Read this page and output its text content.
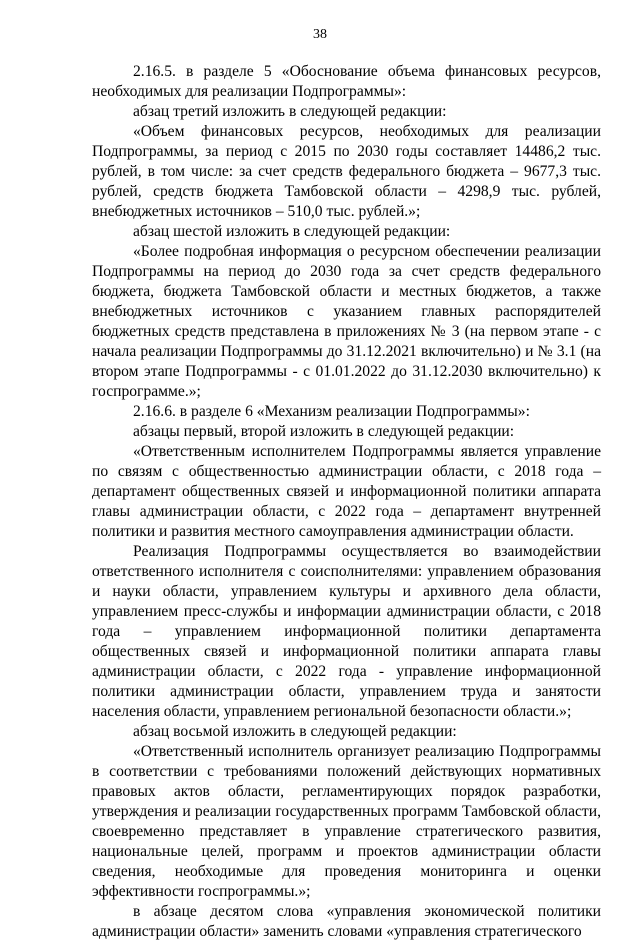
38

2.16.5. в разделе 5 «Обоснование объема финансовых ресурсов, необходимых для реализации Подпрограммы»:

абзац третий изложить в следующей редакции:

«Объем финансовых ресурсов, необходимых для реализации Подпрограммы, за период с 2015 по 2030 годы составляет 14486,2 тыс. рублей, в том числе: за счет средств федерального бюджета – 9677,3 тыс. рублей, средств бюджета Тамбовской области – 4298,9 тыс. рублей, внебюджетных источников – 510,0 тыс. рублей.»;

абзац шестой изложить в следующей редакции:

«Более подробная информация о ресурсном обеспечении реализации Подпрограммы на период до 2030 года за счет средств федерального бюджета, бюджета Тамбовской области и местных бюджетов, а также внебюджетных источников с указанием главных распорядителей бюджетных средств представлена в приложениях № 3 (на первом этапе - с начала реализации Подпрограммы до 31.12.2021 включительно) и № 3.1 (на втором этапе Подпрограммы - с 01.01.2022 до 31.12.2030 включительно) к госпрограмме.»;

2.16.6. в разделе 6 «Механизм реализации Подпрограммы»:

абзацы первый, второй изложить в следующей редакции:

«Ответственным исполнителем Подпрограммы является управление по связям с общественностью администрации области, с 2018 года – департамент общественных связей и информационной политики аппарата главы администрации области, с 2022 года – департамент внутренней политики и развития местного самоуправления администрации области.

Реализация Подпрограммы осуществляется во взаимодействии ответственного исполнителя с соисполнителями: управлением образования и науки области, управлением культуры и архивного дела области, управлением пресс-службы и информации администрации области, с 2018 года – управлением информационной политики департамента общественных связей и информационной политики аппарата главы администрации области, с 2022 года - управление информационной политики администрации области, управлением труда и занятости населения области, управлением региональной безопасности области.»;

абзац восьмой изложить в следующей редакции:

«Ответственный исполнитель организует реализацию Подпрограммы в соответствии с требованиями положений действующих нормативных правовых актов области, регламентирующих порядок разработки, утверждения и реализации государственных программ Тамбовской области, своевременно представляет в управление стратегического развития, национальные целей, программ и проектов администрации области сведения, необходимые для проведения мониторинга и оценки эффективности госпрограммы.»;

в абзаце десятом слова «управления экономической политики администрации области» заменить словами «управления стратегического
